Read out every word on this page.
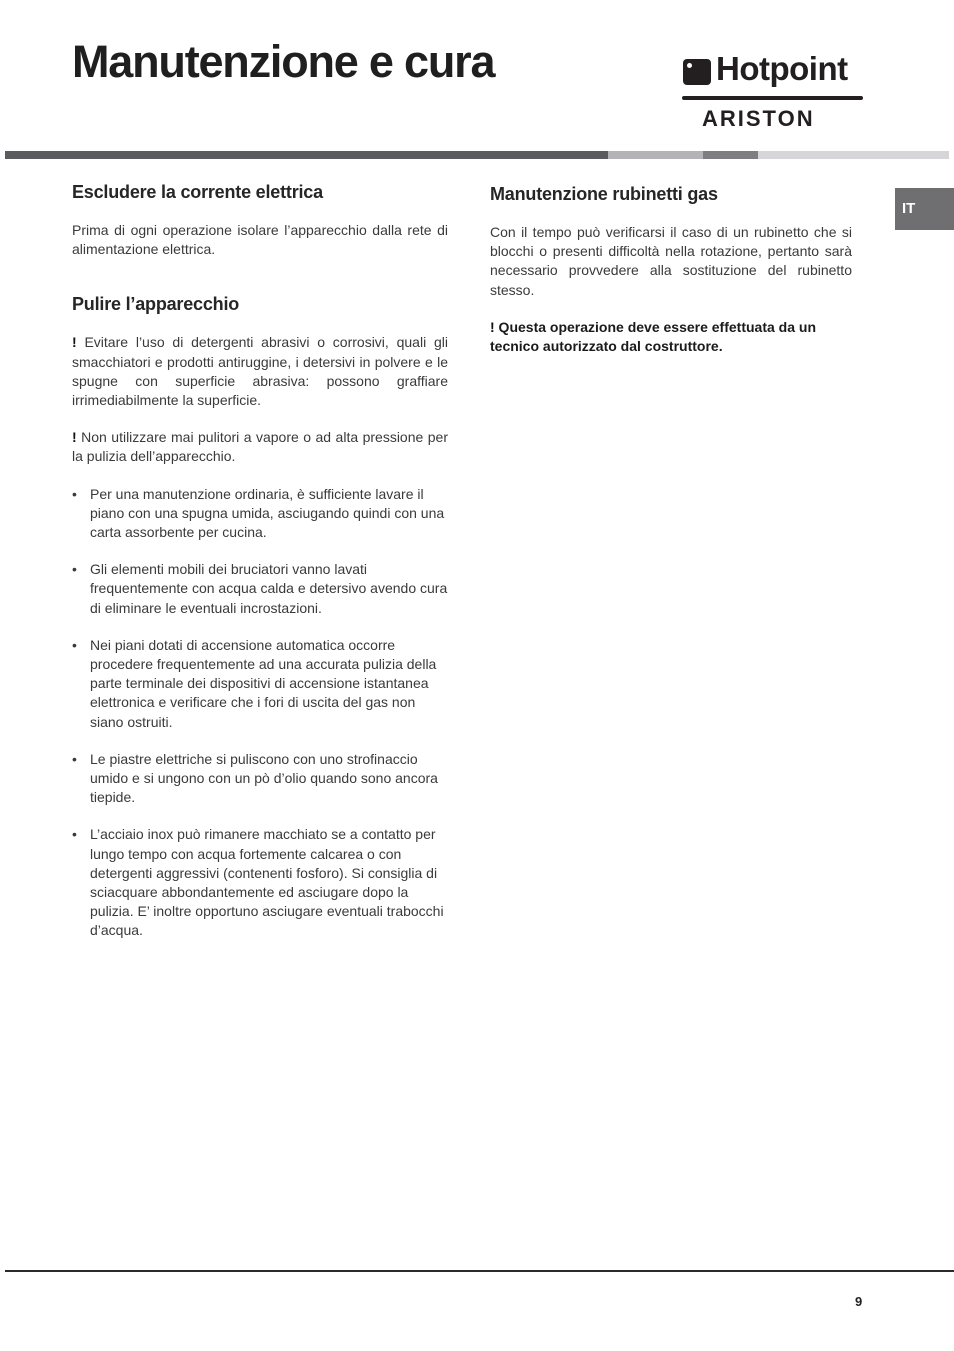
Manutenzione e cura	Hotpoint
ARISTON
IT
Escludere la corrente elettrica

Prima di ogni operazione isolare l’apparecchio dalla rete di alimentazione elettrica.

Pulire l’apparecchio

! Evitare l’uso di detergenti abrasivi o corrosivi, quali gli smacchiatori e prodotti antiruggine, i detersivi in polvere e le spugne con superficie abrasiva: possono graffiare irrimediabilmente la superficie.

! Non utilizzare mai pulitori a vapore o ad alta pressione per la pulizia dell’apparecchio.

• Per una manutenzione ordinaria, è sufficiente lavare il piano con una spugna umida, asciugando quindi con una carta assorbente per cucina.
• Gli elementi mobili dei bruciatori vanno lavati frequentemente con acqua calda e detersivo avendo cura di eliminare le eventuali incrostazioni.
• Nei piani dotati di accensione automatica occorre procedere frequentemente ad una accurata pulizia della parte terminale dei dispositivi di accensione istantanea elettronica e verificare che i fori di uscita del gas non siano ostruiti.
• Le piastre elettriche si puliscono con uno strofinaccio umido e si ungono con un pò d’olio quando sono ancora tiepide.
• L’acciaio inox può rimanere macchiato se a contatto per lungo tempo con acqua fortemente calcarea o con detergenti aggressivi (contenenti fosforo). Si consiglia di sciacquare abbondantemente ed asciugare dopo la pulizia. E’ inoltre opportuno asciugare eventuali trabocchi d’acqua.
Manutenzione rubinetti gas

Con il tempo può verificarsi il caso di un rubinetto che si blocchi o presenti difficoltà nella rotazione, pertanto sarà necessario provvedere alla sostituzione del rubinetto stesso.

! Questa operazione deve essere effettuata da un tecnico autorizzato dal costruttore.

9
